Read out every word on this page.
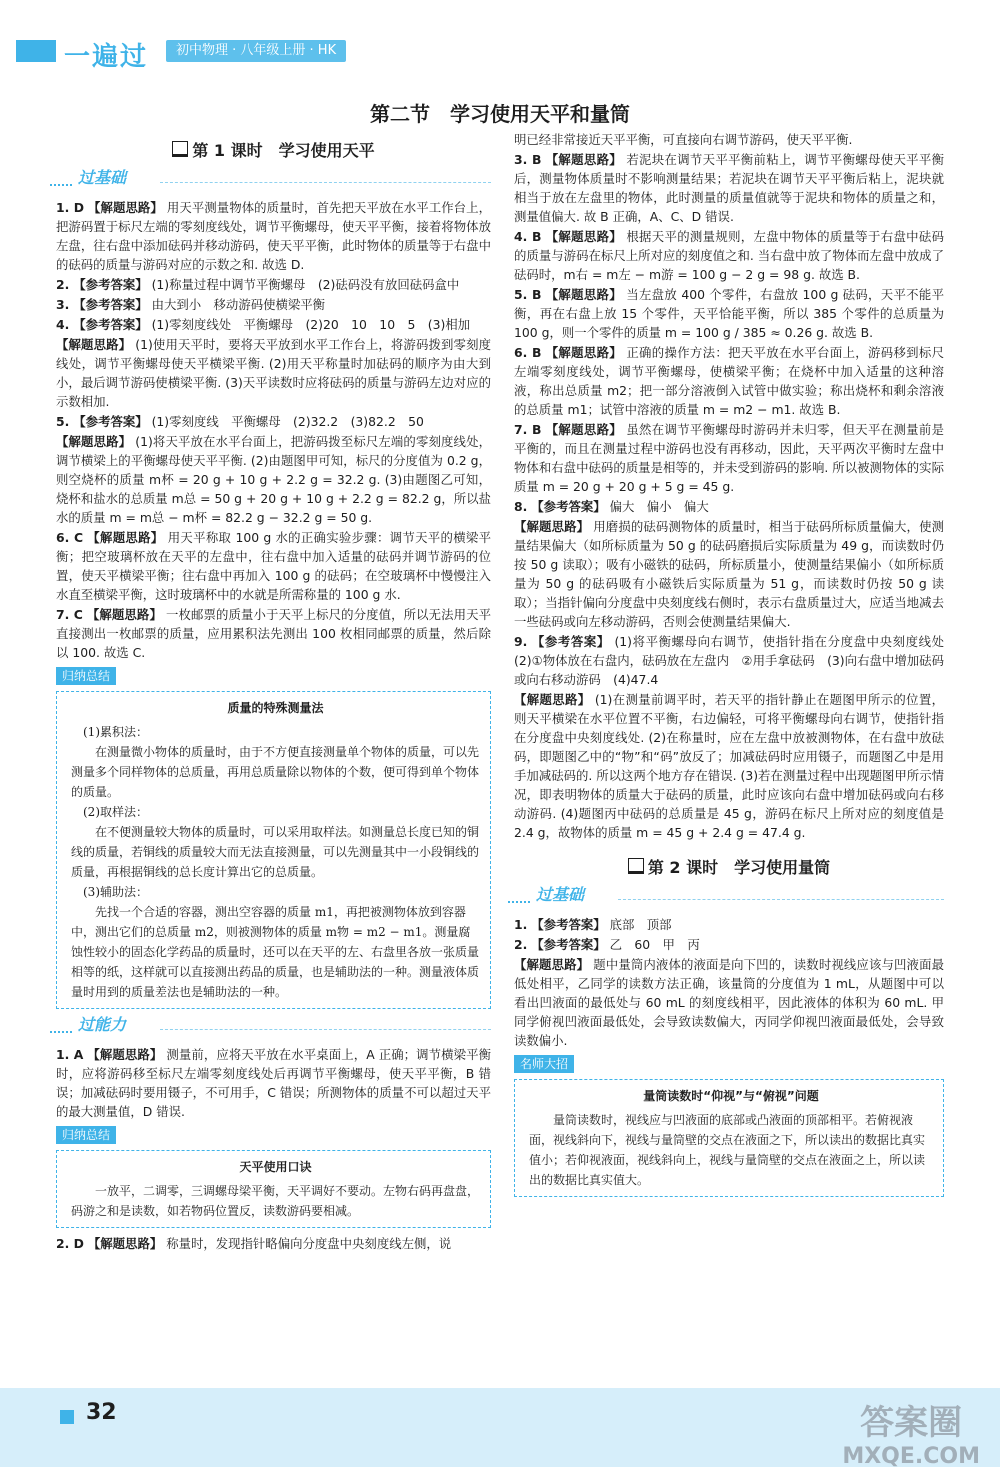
一遍过	初中物理 · 八年级上册 · HK
第二节　学习使用天平和量筒
第 1 课时　学习使用天平
过基础
1. D 【解题思路】 用天平测量物体的质量时，首先把天平放在水平工作台上，把游码置于标尺左端的零刻度线处，调节平衡螺母，使天平平衡，接着将物体放左盘，往右盘中添加砝码并移动游码，使天平平衡，此时物体的质量等于右盘中的砝码的质量与游码对应的示数之和. 故选 D.
2. 【参考答案】 (1)称量过程中调节平衡螺母　(2)砝码没有放回砝码盒中
3. 【参考答案】 由大到小　移动游码使横梁平衡
4. 【参考答案】 (1)零刻度线处　平衡螺母　(2)20　10　10　5　(3)相加
【解题思路】 (1)使用天平时，要将天平放到水平工作台上，将游码拨到零刻度线处，调节平衡螺母使天平横梁平衡. (2)用天平称量时加砝码的顺序为由大到小，最后调节游码使横梁平衡. (3)天平读数时应将砝码的质量与游码左边对应的示数相加.
5. 【参考答案】 (1)零刻度线　平衡螺母　(2)32.2　(3)82.2　50
【解题思路】 (1)将天平放在水平台面上，把游码拨至标尺左端的零刻度线处，调节横梁上的平衡螺母使天平平衡. (2)由题图甲可知，标尺的分度值为 0.2 g，则空烧杯的质量 m杯 = 20 g + 10 g + 2.2 g = 32.2 g. (3)由题图乙可知，烧杯和盐水的总质量 m总 = 50 g + 20 g + 10 g + 2.2 g = 82.2 g，所以盐水的质量 m = m总 − m杯 = 82.2 g − 32.2 g = 50 g.
6. C 【解题思路】 用天平称取 100 g 水的正确实验步骤：调节天平的横梁平衡；把空玻璃杯放在天平的左盘中，往右盘中加入适量的砝码并调节游码的位置，使天平横梁平衡；往右盘中再加入 100 g 的砝码；在空玻璃杯中慢慢注入水直至横梁平衡，这时玻璃杯中的水就是所需称量的 100 g 水.
7. C 【解题思路】 一枚邮票的质量小于天平上标尺的分度值，所以无法用天平直接测出一枚邮票的质量，应用累积法先测出 100 枚相同邮票的质量，然后除以 100. 故选 C.
归纳总结
质量的特殊测量法

(1)累积法：

在测量微小物体的质量时，由于不方便直接测量单个物体的质量，可以先测量多个同样物体的总质量，再用总质量除以物体的个数，便可得到单个物体的质量。

(2)取样法：

在不便测量较大物体的质量时，可以采用取样法。如测量总长度已知的铜线的质量，若铜线的质量较大而无法直接测量，可以先测量其中一小段铜线的质量，再根据铜线的总长度计算出它的总质量。

(3)辅助法：

先找一个合适的容器，测出空容器的质量 m1，再把被测物体放到容器中，测出它们的总质量 m2，则被测物体的质量 m物 = m2 − m1。测量腐蚀性较小的固态化学药品的质量时，还可以在天平的左、右盘里各放一张质量相等的纸，这样就可以直接测出药品的质量，也是辅助法的一种。测量液体质量时用到的质量差法也是辅助法的一种。

过能力
1. A 【解题思路】 测量前，应将天平放在水平桌面上，A 正确；调节横梁平衡时，应将游码移至标尺左端零刻度线处后再调节平衡螺母，使天平平衡，B 错误；加减砝码时要用镊子，不可用手，C 错误；所测物体的质量不可以超过天平的最大测量值，D 错误.
归纳总结
天平使用口诀

一放平，二调零，三调螺母梁平衡，天平调好不要动。左物右码再盘盘，码游之和是读数，如若物码位置反，读数游码要相减。

2. D 【解题思路】 称量时，发现指针略偏向分度盘中央刻度线左侧，说
明已经非常接近天平平衡，可直接向右调节游码，使天平平衡.
3. B 【解题思路】 若泥块在调节天平平衡前粘上，调节平衡螺母使天平平衡后，测量物体质量时不影响测量结果；若泥块在调节天平平衡后粘上，泥块就相当于放在左盘里的物体，此时测量的质量值就等于泥块和物体的质量之和，测量值偏大. 故 B 正确，A、C、D 错误.
4. B 【解题思路】 根据天平的测量规则，左盘中物体的质量等于右盘中砝码的质量与游码在标尺上所对应的刻度值之和. 当右盘中放了物体而左盘中放成了砝码时，m右 = m左 − m游 = 100 g − 2 g = 98 g. 故选 B.
5. B 【解题思路】 当左盘放 400 个零件，右盘放 100 g 砝码，天平不能平衡，再在右盘上放 15 个零件，天平恰能平衡，所以 385 个零件的总质量为 100 g，则一个零件的质量 m = 100 g / 385 ≈ 0.26 g. 故选 B.
6. B 【解题思路】 正确的操作方法：把天平放在水平台面上，游码移到标尺左端零刻度线处，调节平衡螺母，使横梁平衡；在烧杯中加入适量的这种溶液，称出总质量 m2；把一部分溶液倒入试管中做实验；称出烧杯和剩余溶液的总质量 m1；试管中溶液的质量 m = m2 − m1. 故选 B.
7. B 【解题思路】 虽然在调节平衡螺母时游码并未归零，但天平在测量前是平衡的，而且在测量过程中游码也没有再移动，因此，天平两次平衡时左盘中物体和右盘中砝码的质量是相等的，并未受到游码的影响. 所以被测物体的实际质量 m = 20 g + 20 g + 5 g = 45 g.
8. 【参考答案】 偏大　偏小　偏大
【解题思路】 用磨损的砝码测物体的质量时，相当于砝码所标质量偏大，使测量结果偏大（如所标质量为 50 g 的砝码磨损后实际质量为 49 g，而读数时仍按 50 g 读取）；吸有小磁铁的砝码，所标质量小，使测量结果偏小（如所标质量为 50 g 的砝码吸有小磁铁后实际质量为 51 g，而读数时仍按 50 g 读取）；当指针偏向分度盘中央刻度线右侧时，表示右盘质量过大，应适当地减去一些砝码或向左移动游码，否则会使测量结果偏大.
9. 【参考答案】 (1)将平衡螺母向右调节，使指针指在分度盘中央刻度线处　(2)①物体放在右盘内，砝码放在左盘内　②用手拿砝码　(3)向右盘中增加砝码或向右移动游码　(4)47.4
【解题思路】 (1)在测量前调平时，若天平的指针静止在题图甲所示的位置，则天平横梁在水平位置不平衡，右边偏轻，可将平衡螺母向右调节，使指针指在分度盘中央刻度线处. (2)在称量时，应在左盘中放被测物体，在右盘中放砝码，即题图乙中的“物”和“码”放反了；加减砝码时应用镊子，而题图乙中是用手加减砝码的. 所以这两个地方存在错误. (3)若在测量过程中出现题图甲所示情况，即表明物体的质量大于砝码的质量，此时应该向右盘中增加砝码或向右移动游码. (4)题图丙中砝码的总质量是 45 g，游码在标尺上所对应的刻度值是 2.4 g，故物体的质量 m = 45 g + 2.4 g = 47.4 g.
第 2 课时　学习使用量筒
过基础
1. 【参考答案】 底部　顶部
2. 【参考答案】 乙　60　甲　丙
【解题思路】 题中量筒内液体的液面是向下凹的，读数时视线应该与凹液面最低处相平，乙同学的读数方法正确，该量筒的分度值为 1 mL，从题图中可以看出凹液面的最低处与 60 mL 的刻度线相平，因此液体的体积为 60 mL. 甲同学俯视凹液面最低处，会导致读数偏大，丙同学仰视凹液面最低处，会导致读数偏小.
名师大招
量筒读数时“仰视”与“俯视”问题

量筒读数时，视线应与凹液面的底部或凸液面的顶部相平。若俯视液面，视线斜向下，视线与量筒壁的交点在液面之下，所以读出的数据比真实值小；若仰视液面，视线斜向上，视线与量筒壁的交点在液面之上，所以读出的数据比真实值大。

32	答案圈
MXQE.COM
